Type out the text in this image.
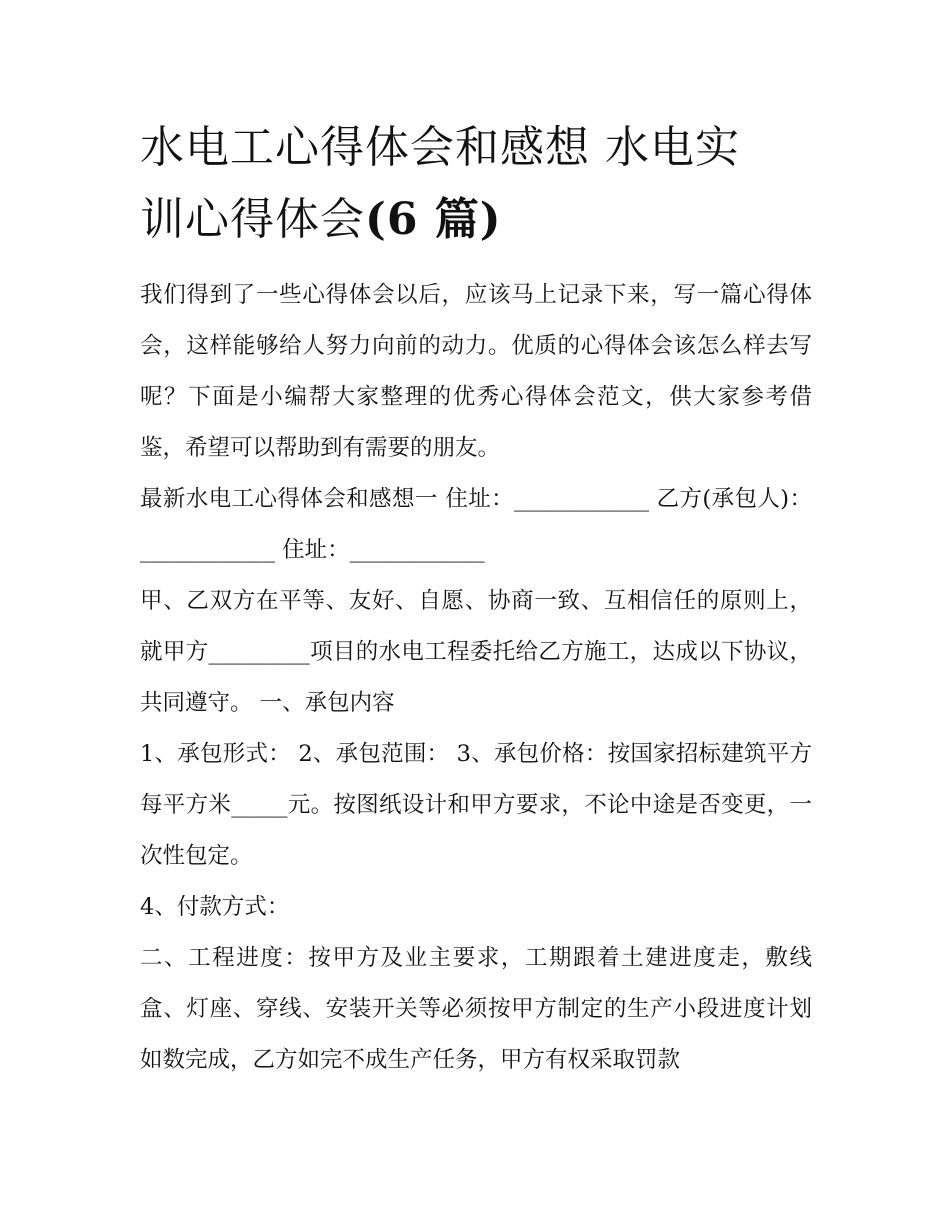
水电工心得体会和感想 水电实
训心得体会(6 篇)

我们得到了一些心得体会以后，应该马上记录下来，写一篇心得体会，这样能够给人努力向前的动力。优质的心得体会该怎么样去写呢？下面是小编帮大家整理的优秀心得体会范文，供大家参考借鉴，希望可以帮助到有需要的朋友。

最新水电工心得体会和感想一 住址：____________ 乙方(承包人)：____________ 住址：____________

甲、乙双方在平等、友好、自愿、协商一致、互相信任的原则上，就甲方_________项目的水电工程委托给乙方施工，达成以下协议，共同遵守。 一、承包内容

1、承包形式： 2、承包范围： 3、承包价格：按国家招标建筑平方每平方米_____元。按图纸设计和甲方要求，不论中途是否变更，一次性包定。

4、付款方式：

二、工程进度：按甲方及业主要求，工期跟着土建进度走，敷线盒、灯座、穿线、安装开关等必须按甲方制定的生产小段进度计划如数完成，乙方如完不成生产任务，甲方有权采取罚款
